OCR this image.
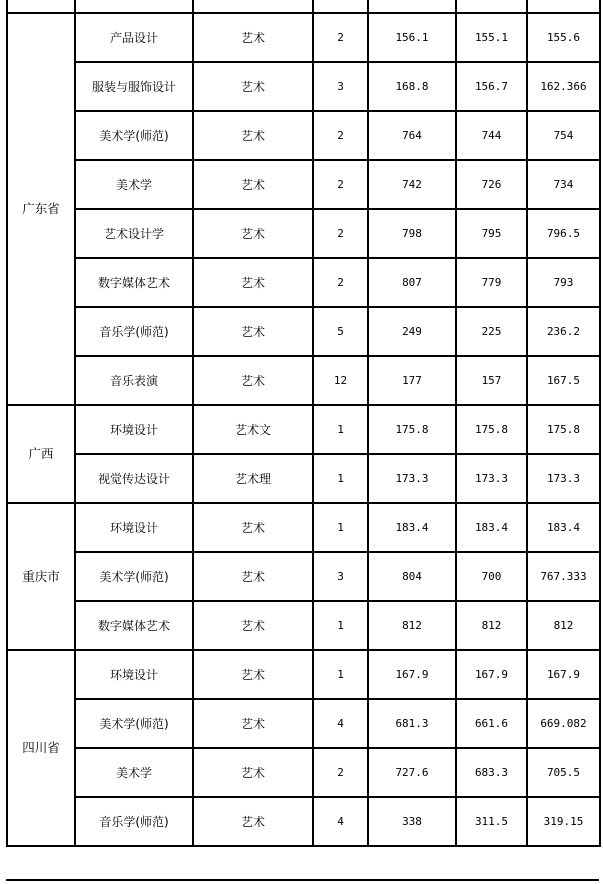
广东省	产品设计	艺术	2	156.1	155.1	155.6
	服装与服饰设计	艺术	3	168.8	156.7	162.366
	美术学(师范)	艺术	2	764	744	754
	美术学	艺术	2	742	726	734
	艺术设计学	艺术	2	798	795	796.5
	数字媒体艺术	艺术	2	807	779	793
	音乐学(师范)	艺术	5	249	225	236.2
	音乐表演	艺术	12	177	157	167.5
广西	环境设计	艺术文	1	175.8	175.8	175.8
	视觉传达设计	艺术理	1	173.3	173.3	173.3
重庆市	环境设计	艺术	1	183.4	183.4	183.4
	美术学(师范)	艺术	3	804	700	767.333
	数字媒体艺术	艺术	1	812	812	812
四川省	环境设计	艺术	1	167.9	167.9	167.9
	美术学(师范)	艺术	4	681.3	661.6	669.082
	美术学	艺术	2	727.6	683.3	705.5
	音乐学(师范)	艺术	4	338	311.5	319.15
